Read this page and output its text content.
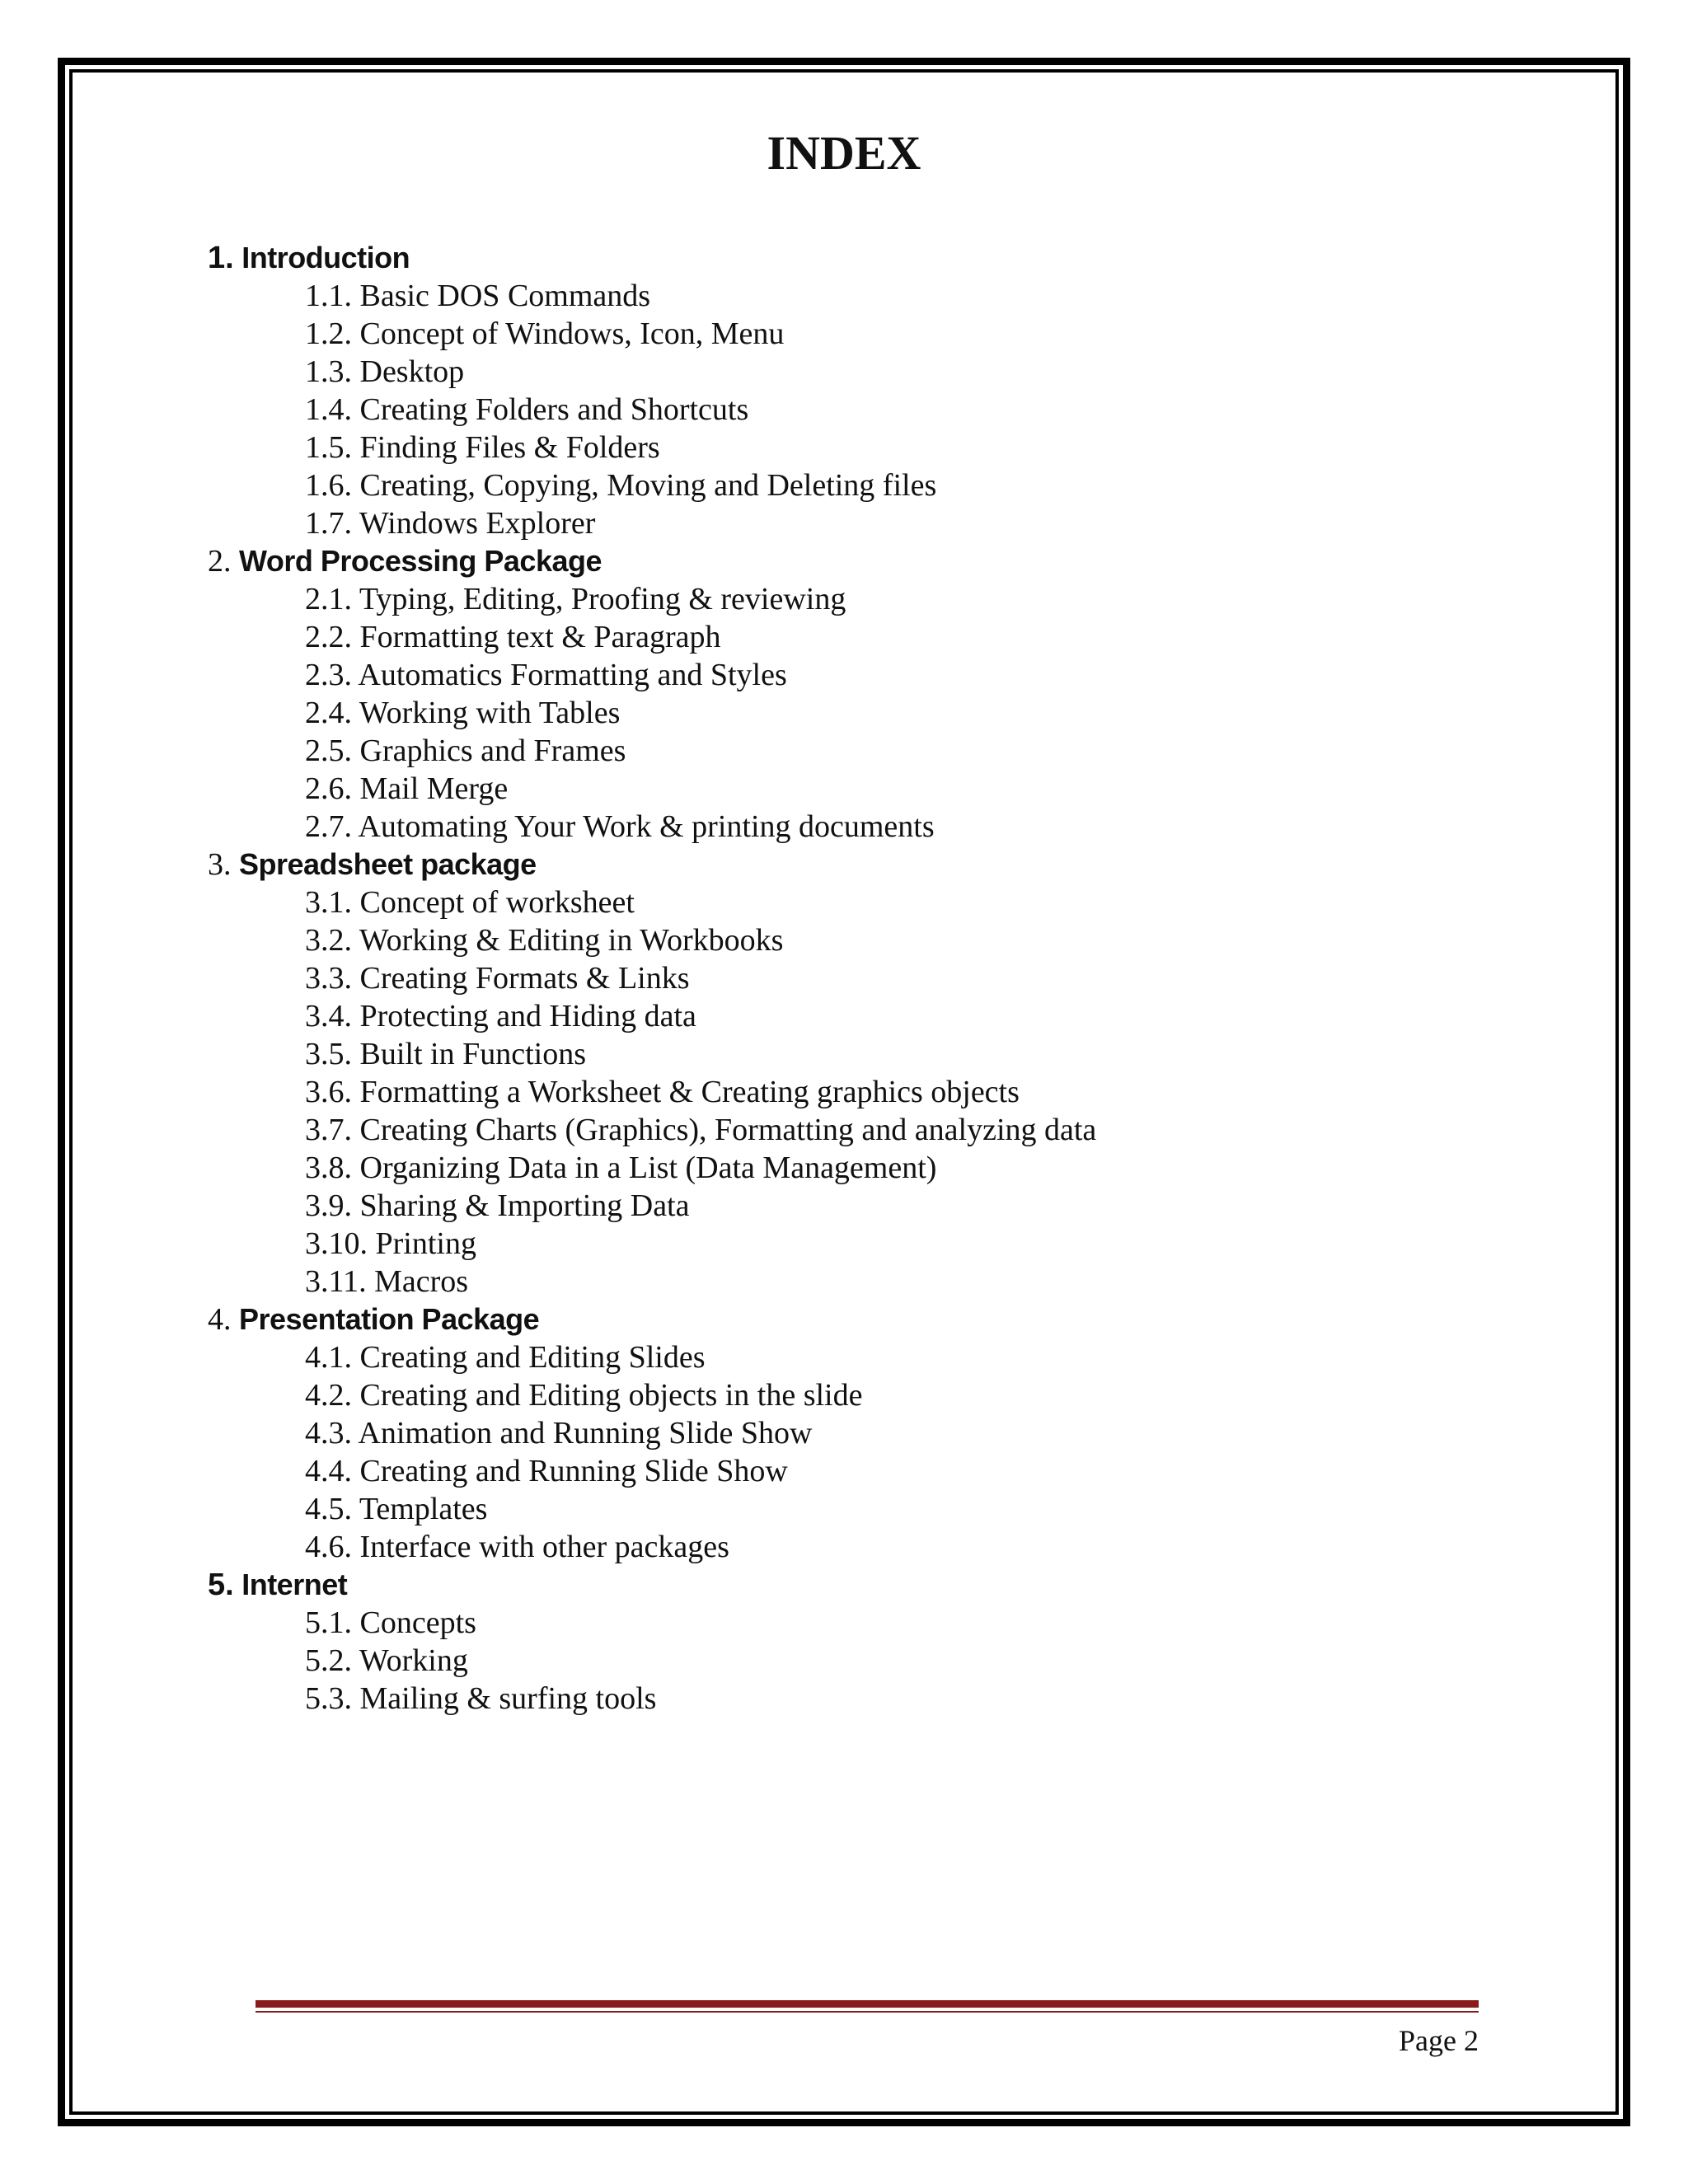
INDEX
1. Introduction
1.1. Basic DOS Commands
1.2. Concept of Windows, Icon, Menu
1.3. Desktop
1.4. Creating Folders and Shortcuts
1.5. Finding Files & Folders
1.6. Creating, Copying, Moving and Deleting files
1.7. Windows Explorer
2. Word Processing Package
2.1. Typing, Editing, Proofing & reviewing
2.2. Formatting text & Paragraph
2.3. Automatics Formatting and Styles
2.4. Working with Tables
2.5. Graphics and Frames
2.6. Mail Merge
2.7. Automating Your Work & printing documents
3. Spreadsheet package
3.1. Concept of worksheet
3.2. Working & Editing in Workbooks
3.3. Creating Formats & Links
3.4. Protecting and Hiding data
3.5. Built in Functions
3.6. Formatting a Worksheet & Creating graphics objects
3.7. Creating Charts (Graphics), Formatting and analyzing data
3.8. Organizing Data in a List (Data Management)
3.9. Sharing & Importing Data
3.10. Printing
3.11. Macros
4. Presentation Package
4.1. Creating and Editing Slides
4.2. Creating and Editing objects in the slide
4.3. Animation and Running Slide Show
4.4. Creating and Running Slide Show
4.5. Templates
4.6. Interface with other packages
5. Internet
5.1. Concepts
5.2. Working
5.3. Mailing & surfing tools
Page 2
